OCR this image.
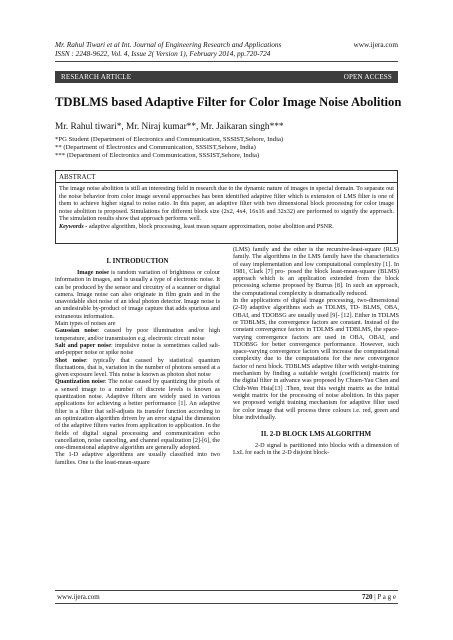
Mr. Rahul Tiwari et al Int. Journal of Engineering Research and Applications	www.ijera.com
ISSN : 2248-9622, Vol. 4, Issue 2( Version 1), February 2014, pp.720-724
RESEARCH ARTICLE	OPEN ACCESS
TDBLMS based Adaptive Filter for Color Image Noise Abolition
Mr. Rahul tiwari*, Mr. Niraj kumar**, Mr. Jaikaran singh***
*PG Student (Department of Electronics and Communication, SSSIST,Sehore, India)
** (Department of Electronics and Communication, SSSIST,Sehore, India)
*** (Department of Electronics and Communication, SSSIST,Sehore, India)
ABSTRACT
The image noise abolition is still an interesting field in research due to the dynamic nature of images in special domain. To separate out the noise behavior from color image several approaches has been identified adaptive filter which is extension of LMS filter is one of them to achieve higher signal to noise ratio. In this paper, an adaptive filter with two dimensional block processing for color image noise abolition is proposed. Simulations for different block size (2x2, 4x4, 16x16 and 32x32) are performed to signify the approach. The simulation results show that approach performs well.
Keywords - adaptive algorithm, block processing, least mean square approximation, noise abolition and PSNR.
I. INTRODUCTION

Image noise is random variation of brightness or colour information in images, and is usually a type of electronic noise. It can be produced by the sensor and circuitry of a scanner or digital camera. Image noise can also originate in film grain and in the unavoidable shot noise of an ideal photon detector. Image noise is an undesirable by-product of image capture that adds spurious and extraneous information.

Main types of noises are

Gaussian noise: caused by poor illumination and/or high temperature, and/or transmission e.g. electronic circuit noise

Salt and paper noise: impulsive noise is sometimes called salt-and-pepper noise or spike noise

Shot noise: typically that caused by statistical quantum fluctuations, that is, variation in the number of photons sensed at a given exposure level. This noise is known as photon shot noise

Quantization noise: The noise caused by quantizing the pixels of a sensed image to a number of discrete levels is known as quantization noise. Adaptive filters are widely used in various applications for achieving a better performance [1]. An adaptive filter is a filter that self-adjusts its transfer function according to an optimization algorithm driven by an error signal the dimension of the adaptive filters varies from application to application. In the fields of digital signal processing and communication echo cancellation, noise canceling, and channel equalization [2]-[6], the one-dimensional adaptive algorithm are generally adopted.

The 1-D adaptive algorithms are usually classified into two families. One is the least-mean-square

(LMS) family and the other is the recursive-least-square (RLS) family. The algorithms in the LMS family have the characteristics of easy implementation and low computational complexity [1]. In 1981, Clark [7] pro- posed the block least-mean-square (BLMS) approach which is an application extended from the block processing scheme proposed by Burrus [8]. In such an approach, the computational complexity is dramatically reduced.

In the applications of digital image processing, two-dimensional (2-D) adaptive algorithms such as TDLMS, TD- BLMS, OBA, OBAI, and TDOBSG are usually used [9]- [12]. Either in TDLMS or TDBLMS, the convergence factors are constant. Instead of the constant convergence factors in TDLMS and TDBLMS, the space-varying convergence factors are used in OBA, OBAI, and TDOBSG for better convergence performance. However, such space-varying convergence factors will increase the computational complexity due to the computations for the new convergence factor of next block. TDBLMS adaptive filter with weight-training mechanism by finding a suitable weight (coefficient) matrix for the digital filter in advance was proposed by Chuen-Yau Chen and Chih-Wen Hsia[13] .Then, treat this weight matrix as the initial weight matrix for the processing of noise abolition. In this paper we proposed weight training mechanism for adaptive filter used for color image that will process three colours i.e. red, green and blue individually.

II. 2-D BLOCK LMS ALGORITHM

2-D signal is partitioned into blocks with a dimension of LxL for each in the 2-D disjoint block-

www.ijera.com	720 | P a g e
